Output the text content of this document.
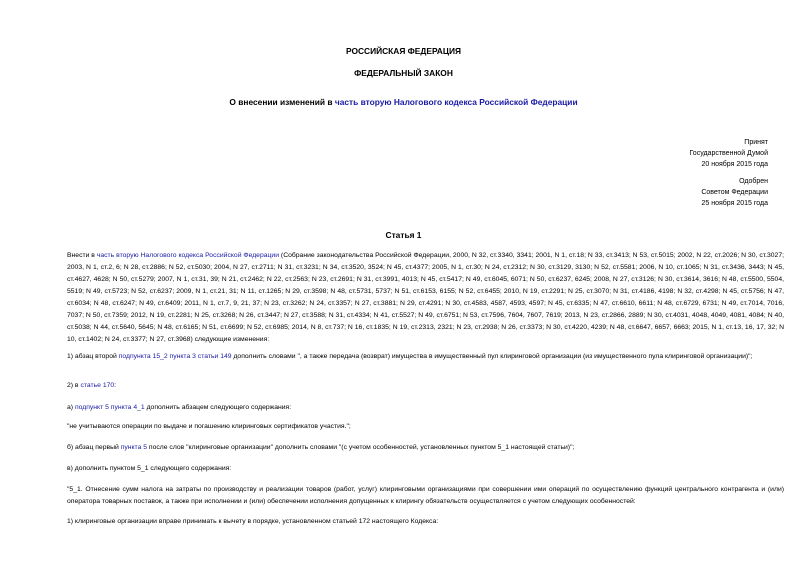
РОССИЙСКАЯ ФЕДЕРАЦИЯ
ФЕДЕРАЛЬНЫЙ ЗАКОН
О внесении изменений в часть вторую Налогового кодекса Российской Федерации
Принят
Государственной Думой
20 ноября 2015 года
Одобрен
Советом Федерации
25 ноября 2015 года
Статья 1
Внести в часть вторую Налогового кодекса Российской Федерации (Собрание законодательства Российской Федерации, 2000, N 32, ст.3340, 3341; 2001, N 1, ст.18; N 33, ст.3413; N 53, ст.5015; 2002, N 22, ст.2026; N 30, ст.3027; 2003, N 1, ст.2, 6; N 28, ст.2886; N 52, ст.5030; 2004, N 27, ст.2711; N 31, ст.3231; N 34, ст.3520, 3524; N 45, ст.4377; 2005, N 1, ст.30; N 24, ст.2312; N 30, ст.3129, 3130; N 52, ст.5581; 2006, N 10, ст.1065; N 31, ст.3436, 3443; N 45, ст.4627, 4628; N 50, ст.5279; 2007, N 1, ст.31, 39; N 21, ст.2462; N 22, ст.2563; N 23, ст.2691; N 31, ст.3991, 4013; N 45, ст.5417; N 49, ст.6045, 6071; N 50, ст.6237, 6245; 2008, N 27, ст.3126; N 30, ст.3614, 3616; N 48, ст.5500, 5504, 5519; N 49, ст.5723; N 52, ст.6237; 2009, N 1, ст.21, 31; N 11, ст.1265; N 29, ст.3598; N 48, ст.5731, 5737; N 51, ст.6153, 6155; N 52, ст.6455; 2010, N 19, ст.2291; N 25, ст.3070; N 31, ст.4186, 4198; N 32, ст.4298; N 45, ст.5756; N 47, ст.6034; N 48, ст.6247; N 49, ст.6409; 2011, N 1, ст.7, 9, 21, 37; N 23, ст.3262; N 24, ст.3357; N 27, ст.3881; N 29, ст.4291; N 30, ст.4583, 4587, 4593, 4597; N 45, ст.6335; N 47, ст.6610, 6611; N 48, ст.6729, 6731; N 49, ст.7014, 7016, 7037; N 50, ст.7359; 2012, N 19, ст.2281; N 25, ст.3268; N 26, ст.3447; N 27, ст.3588; N 31, ст.4334; N 41, ст.5527; N 49, ст.6751; N 53, ст.7596, 7604, 7607, 7619; 2013, N 23, ст.2866, 2889; N 30, ст.4031, 4048, 4049, 4081, 4084; N 40, ст.5038; N 44, ст.5640, 5645; N 48, ст.6165; N 51, ст.6699; N 52, ст.6985; 2014, N 8, ст.737; N 16, ст.1835; N 19, ст.2313, 2321; N 23, ст.2938; N 26, ст.3373; N 30, ст.4220, 4239; N 48, ст.6647, 6657, 6663; 2015, N 1, ст.13, 16, 17, 32; N 10, ст.1402; N 24, ст.3377; N 27, ст.3968) следующие изменения:
1) абзац второй подпункта 15_2 пункта 3 статьи 149 дополнить словами ", а также передача (возврат) имущества в имущественный пул клиринговой организации (из имущественного пула клиринговой организации)";
2) в статье 170:
а) подпункт 5 пункта 4_1 дополнить абзацем следующего содержания:
"не учитываются операции по выдаче и погашению клиринговых сертификатов участия.";
б) абзац первый пункта 5 после слов "клиринговые организации" дополнить словами "(с учетом особенностей, установленных пунктом 5_1 настоящей статьи)";
в) дополнить пунктом 5_1 следующего содержания:
"5_1. Отнесение сумм налога на затраты по производству и реализации товаров (работ, услуг) клиринговыми организациями при совершении ими операций по осуществлению функций центрального контрагента и (или) оператора товарных поставок, а также при исполнении и (или) обеспечении исполнения допущенных к клирингу обязательств осуществляется с учетом следующих особенностей:
1) клиринговые организации вправе принимать к вычету в порядке, установленном статьей 172 настоящего Кодекса:
